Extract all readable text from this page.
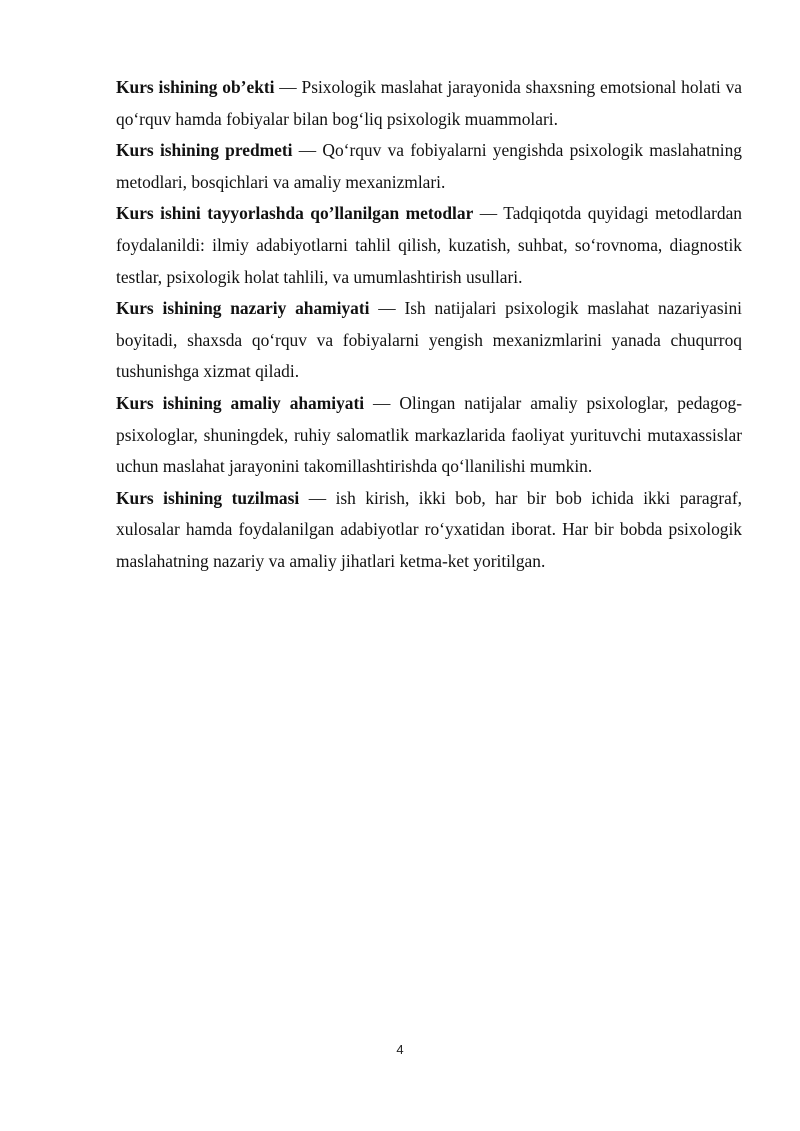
Kurs ishining ob’ekti — Psixologik maslahat jarayonida shaxsning emotsional holati va qo‘rquv hamda fobiyalar bilan bog‘liq psixologik muammolari.

Kurs ishining predmeti — Qo‘rquv va fobiyalarni yengishda psixologik maslahatning metodlari, bosqichlari va amaliy mexanizmlari.

Kurs ishini tayyorlashda qo’llanilgan metodlar — Tadqiqotda quyidagi metodlardan foydalanildi: ilmiy adabiyotlarni tahlil qilish, kuzatish, suhbat, so‘rovnoma, diagnostik testlar, psixologik holat tahlili, va umumlashtirish usullari.

Kurs ishining nazariy ahamiyati — Ish natijalari psixologik maslahat nazariyasini boyitadi, shaxsda qo‘rquv va fobiyalarni yengish mexanizmlarini yanada chuqurroq tushunishga xizmat qiladi.

Kurs ishining amaliy ahamiyati — Olingan natijalar amaliy psixologlar, pedagog-psixologlar, shuningdek, ruhiy salomatlik markazlarida faoliyat yurituvchi mutaxassislar uchun maslahat jarayonini takomillashtirishda qo‘llanilishi mumkin.

Kurs ishining tuzilmasi — ish kirish, ikki bob, har bir bob ichida ikki paragraf, xulosalar hamda foydalanilgan adabiyotlar ro‘yxatidan iborat. Har bir bobda psixologik maslahatning nazariy va amaliy jihatlari ketma-ket yoritilgan.

4
